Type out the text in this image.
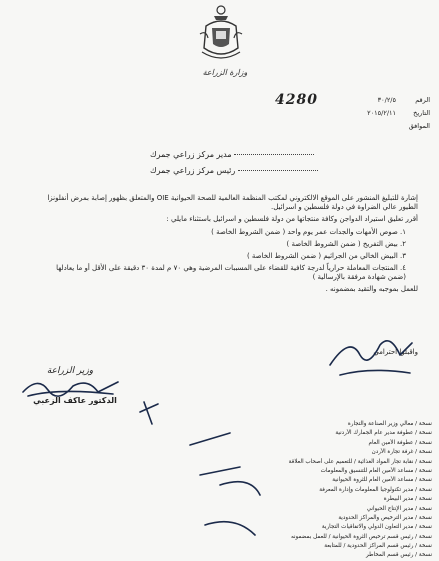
وزارة الزراعة
الرقم
٣٠/٢/٥
التاريخ
٢٠١٥/٢/١١
الموافق
4280
مدير مركز زراعي جمرك
رئيس مركز زراعي جمرك

إشارة للتبليغ المنشور على الموقع الالكتروني لمكتب المنظمة العالمية للصحة الحيوانية OIE والمتعلق بظهور إصابة بمرض أنفلونزا الطيور عالي الضراوة في دولة فلسطين و اسرائيل.

أقرر تعليق استيراد الدواجن وكافة منتجاتها من دولة فلسطين و اسرائيل باستثناء مايلي :

١. صوص الأمهات والجدات عمر يوم واحد ( ضمن الشروط الخاصة )
٢. بيض التفريخ ( ضمن الشروط الخاصة )
٣. البيض الخالي من الجراثيم ( ضمن الشروط الخاصة )
٤. المنتجات المعاملة حرارياً لدرجة كافية للقضاء على المسببات المرضية وهي ٧٠ م لمدة ٣٠ دقيقة على الأقل أو ما يعادلها (ضمن شهادة مرفقة بالإرسالية )

للعمل بموجبه والتقيد بمضمونه .

واقبلوا احترامي
وزير الزراعة
الدكتور عاكف الزعبي
نسخة / معالي وزير الصناعة والتجارة
نسخة / عطوفة مدير عام الجمارك الأردنية
نسخة / عطوفة الأمين العام
نسخة / غرفة تجارة الأردن
نسخة / نقابة تجار المواد الغذائية / للتعميم على أصحاب العلاقة
نسخة / مساعد الأمين العام للتنسيق والمعلومات
نسخة / مساعد الأمين العام للثروة الحيوانية
نسخة / مدير تكنولوجيا المعلومات وإدارة المعرفة
نسخة / مدير البيطرة
نسخة / مدير الإنتاج الحيواني
نسخة / مدير الترخيص والمراكز الحدودية
نسخة / مدير التعاون الدولي والاتفاقيات التجارية
نسخة / رئيس قسم ترخيص الثروة الحيوانية / للعمل بمضمونه
نسخة / رئيس قسم المراكز الحدودية / للمتابعة
نسخة / رئيس قسم المخاطر
